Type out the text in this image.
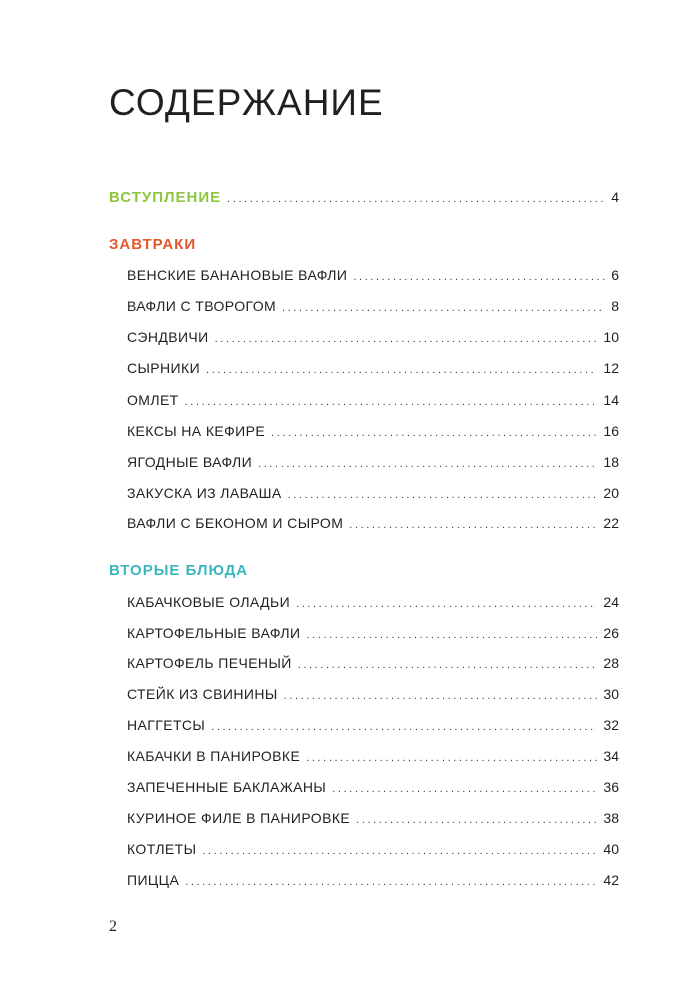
СОДЕРЖАНИЕ
ВСТУПЛЕНИЕ .....	4
ЗАВТРАКИ
ВЕНСКИЕ БАНАНОВЫЕ ВАФЛИ .....	6
ВАФЛИ С ТВОРОГОМ .....	8
СЭНДВИЧИ .....	10
СЫРНИКИ .....	12
ОМЛЕТ .....	14
КЕКСЫ НА КЕФИРЕ .....	16
ЯГОДНЫЕ ВАФЛИ .....	18
ЗАКУСКА ИЗ ЛАВАША .....	20
ВАФЛИ С БЕКОНОМ И СЫРОМ .....	22
ВТОРЫЕ БЛЮДА
КАБАЧКОВЫЕ ОЛАДЬИ .....	24
КАРТОФЕЛЬНЫЕ ВАФЛИ .....	26
КАРТОФЕЛЬ ПЕЧЕНЫЙ .....	28
СТЕЙК ИЗ СВИНИНЫ .....	30
НАГГЕТСЫ .....	32
КАБАЧКИ В ПАНИРОВКЕ .....	34
ЗАПЕЧЕННЫЕ БАКЛАЖАНЫ .....	36
КУРИНОЕ ФИЛЕ В ПАНИРОВКЕ .....	38
КОТЛЕТЫ .....	40
ПИЦЦА .....	42
2
